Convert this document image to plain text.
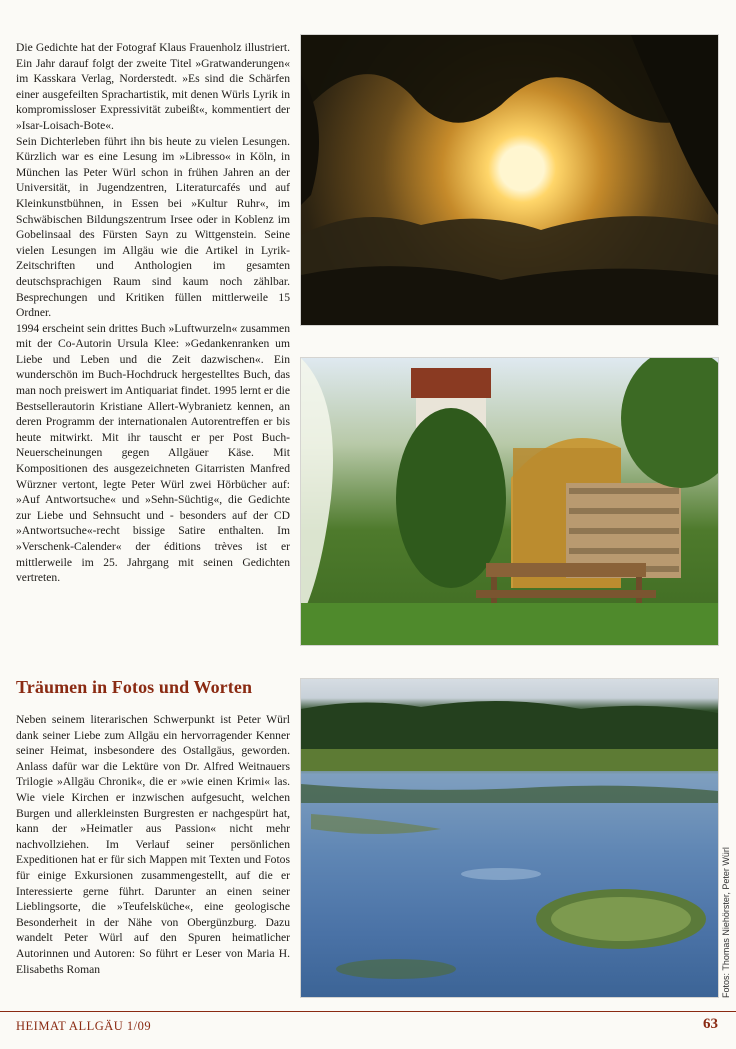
Die Gedichte hat der Fotograf Klaus Frauenholz illustriert. Ein Jahr darauf folgt der zweite Titel »Gratwanderungen« im Kasskara Verlag, Norderstedt. »Es sind die Schärfen einer ausgefeilten Sprachartistik, mit denen Würls Lyrik in kompromissloser Expressivität zubeißt«, kommentiert der »Isar-Loisach-Bote«.

Sein Dichterleben führt ihn bis heute zu vielen Lesungen. Kürzlich war es eine Lesung im »Libresso« in Köln, in München las Peter Würl schon in frühen Jahren an der Universität, in Jugendzentren, Literaturcafés und auf Kleinkunstbühnen, in Essen bei »Kultur Ruhr«, im Schwäbischen Bildungszentrum Irsee oder in Koblenz im Gobelinsaal des Fürsten Sayn zu Wittgenstein. Seine vielen Lesungen im Allgäu wie die Artikel in Lyrik-Zeitschriften und Anthologien im gesamten deutschsprachigen Raum sind kaum noch zählbar. Besprechungen und Kritiken füllen mittlerweile 15 Ordner.

1994 erscheint sein drittes Buch »Luftwurzeln« zusammen mit der Co-Autorin Ursula Klee: »Gedankenranken um Liebe und Leben und die Zeit dazwischen«. Ein wunderschön im Buch-Hochdruck hergestelltes Buch, das man noch preiswert im Antiquariat findet. 1995 lernt er die Bestsellerautorin Kristiane Allert-Wybranietz kennen, an deren Programm der internationalen Autorentreffen er bis heute mitwirkt. Mit ihr tauscht er per Post Buch-Neuerscheinungen gegen Allgäuer Käse. Mit Kompositionen des ausgezeichneten Gitarristen Manfred Würzner vertont, legte Peter Würl zwei Hörbücher auf: »Auf Antwortsuche« und »Sehn-Süchtig«, die Gedichte zur Liebe und Sehnsucht und - besonders auf der CD »Antwortsuche«-recht bissige Satire enthalten. Im »Verschenk-Calender« der éditions trèves ist er mittlerweile im 25. Jahrgang mit seinen Gedichten vertreten.

Träumen in Fotos und Worten

Neben seinem literarischen Schwerpunkt ist Peter Würl dank seiner Liebe zum Allgäu ein hervorragender Kenner seiner Heimat, insbesondere des Ostallgäus, geworden. Anlass dafür war die Lektüre von Dr. Alfred Weitnauers Trilogie »Allgäu Chronik«, die er »wie einen Krimi« las. Wie viele Kirchen er inzwischen aufgesucht, welchen Burgen und allerkleinsten Burgresten er nachgespürt hat, kann der »Heimatler aus Passion« nicht mehr nachvollziehen. Im Verlauf seiner persönlichen Expeditionen hat er für sich Mappen mit Texten und Fotos für einige Exkursionen zusammengestellt, auf die er Interessierte gerne führt. Darunter an einen seiner Lieblingsorte, die »Teufelsküche«, eine geologische Besonderheit in der Nähe von Obergünzburg. Dazu wandelt Peter Würl auf den Spuren heimatlicher Autorinnen und Autoren: So führt er Leser von Maria H. Elisabeths Roman	Fotos: Thomas Niehörster, Peter Würl
HEIMAT ALLGÄU 1/09	63
